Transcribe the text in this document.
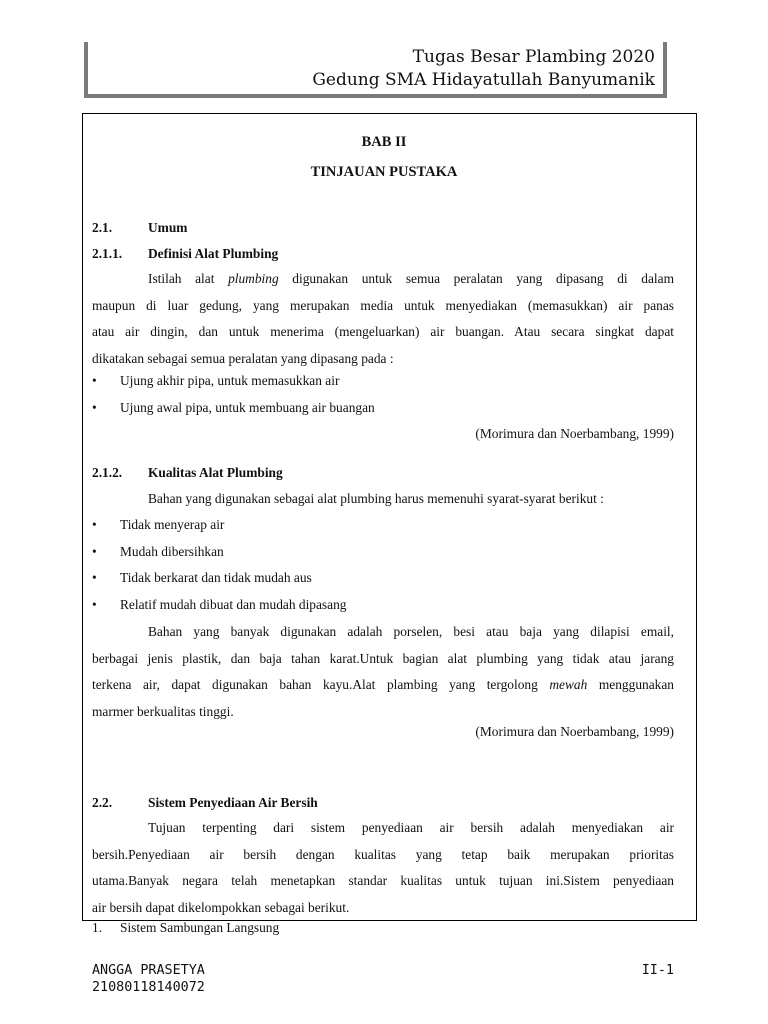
Tugas Besar Plambing 2020
Gedung SMA Hidayatullah Banyumanik
BAB II
TINJAUAN PUSTAKA
2.1.	Umum
2.1.1. Definisi Alat Plumbing
Istilah alat plumbing digunakan untuk semua peralatan yang dipasang di dalam
maupun di luar gedung, yang merupakan media untuk menyediakan (memasukkan) air panas
atau air dingin, dan untuk menerima (mengeluarkan) air buangan. Atau secara singkat dapat
dikatakan sebagai semua peralatan yang dipasang pada :
• Ujung akhir pipa, untuk memasukkan air
• Ujung awal pipa, untuk membuang air buangan
(Morimura dan Noerbambang, 1999)
2.1.2. Kualitas Alat Plumbing
Bahan yang digunakan sebagai alat plumbing harus memenuhi syarat-syarat berikut :
• Tidak menyerap air
• Mudah dibersihkan
• Tidak berkarat dan tidak mudah aus
• Relatif mudah dibuat dan mudah dipasang
Bahan yang banyak digunakan adalah porselen, besi atau baja yang dilapisi email,
berbagai jenis plastik, dan baja tahan karat.Untuk bagian alat plumbing yang tidak atau jarang
terkena air, dapat digunakan bahan kayu.Alat plambing yang tergolong mewah menggunakan
marmer berkualitas tinggi.
(Morimura dan Noerbambang, 1999)
2.2.	Sistem Penyediaan Air Bersih
Tujuan terpenting dari sistem penyediaan air bersih adalah menyediakan air
bersih.Penyediaan air bersih dengan kualitas yang tetap baik merupakan prioritas
utama.Banyak negara telah menetapkan standar kualitas untuk tujuan ini.Sistem penyediaan
air bersih dapat dikelompokkan sebagai berikut.
1. Sistem Sambungan Langsung
ANGGA PRASETYA
21080118140072
II-1
